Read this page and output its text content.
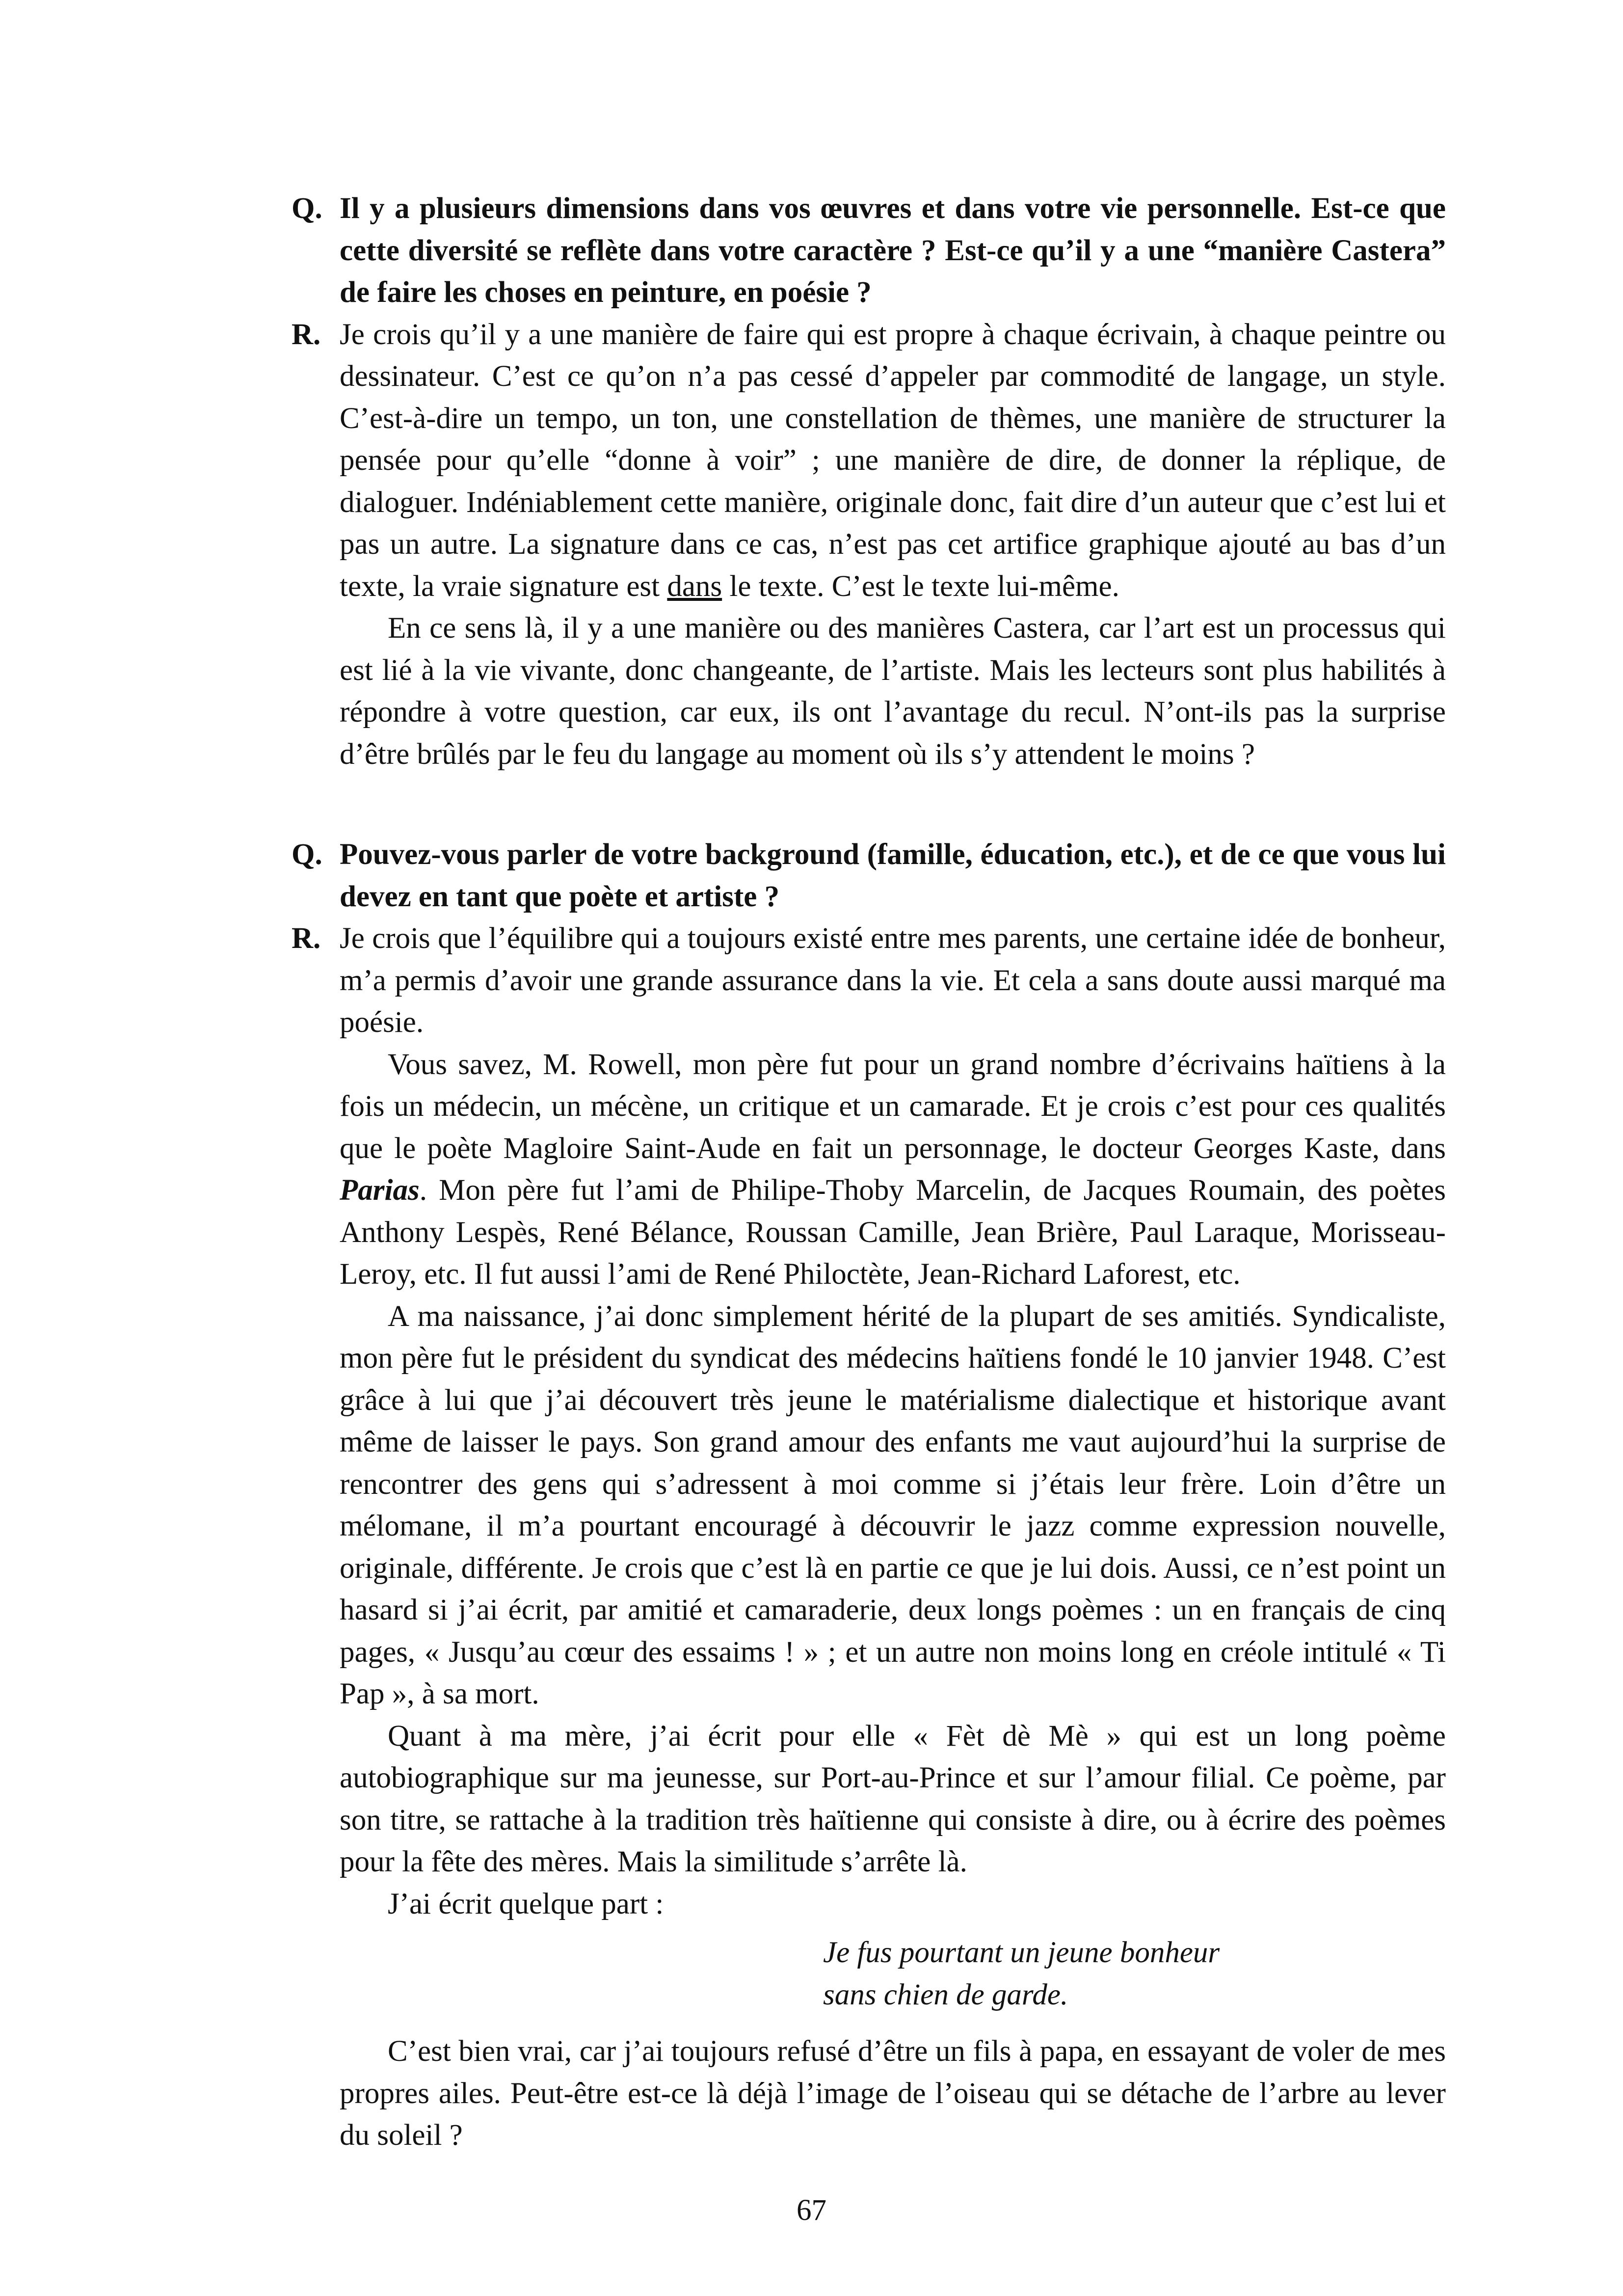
Q. Il y a plusieurs dimensions dans vos œuvres et dans votre vie personnelle. Est-ce que cette diversité se reflète dans votre caractère ? Est-ce qu’il y a une “manière Castera” de faire les choses en peinture, en poésie ?
R. Je crois qu’il y a une manière de faire qui est propre à chaque écrivain, à chaque peintre ou dessinateur. C’est ce qu’on n’a pas cessé d’appeler par commodité de langage, un style. C’est-à-dire un tempo, un ton, une constellation de thèmes, une manière de structurer la pensée pour qu’elle “donne à voir” ; une manière de dire, de donner la réplique, de dialoguer. Indéniablement cette manière, originale donc, fait dire d’un auteur que c’est lui et pas un autre. La signature dans ce cas, n’est pas cet artifice graphique ajouté au bas d’un texte, la vraie signature est dans le texte. C’est le texte lui-même.

En ce sens là, il y a une manière ou des manières Castera, car l’art est un processus qui est lié à la vie vivante, donc changeante, de l’artiste. Mais les lecteurs sont plus habilités à répondre à votre question, car eux, ils ont l’avantage du recul. N’ont-ils pas la surprise d’être brûlés par le feu du langage au moment où ils s’y attendent le moins ?

Q. Pouvez-vous parler de votre background (famille, éducation, etc.), et de ce que vous lui devez en tant que poète et artiste ?
R. Je crois que l’équilibre qui a toujours existé entre mes parents, une certaine idée de bonheur, m’a permis d’avoir une grande assurance dans la vie. Et cela a sans doute aussi marqué ma poésie.

Vous savez, M. Rowell, mon père fut pour un grand nombre d’écrivains haïtiens à la fois un médecin, un mécène, un critique et un camarade. Et je crois c’est pour ces qualités que le poète Magloire Saint-Aude en fait un personnage, le docteur Georges Kaste, dans Parias. Mon père fut l’ami de Philipe-Thoby Marcelin, de Jacques Roumain, des poètes Anthony Lespès, René Bélance, Roussan Camille, Jean Brière, Paul Laraque, Morisseau-Leroy, etc. Il fut aussi l’ami de René Philoctète, Jean-Richard Laforest, etc.

A ma naissance, j’ai donc simplement hérité de la plupart de ses amitiés. Syndicaliste, mon père fut le président du syndicat des médecins haïtiens fondé le 10 janvier 1948. C’est grâce à lui que j’ai découvert très jeune le matérialisme dialectique et historique avant même de laisser le pays. Son grand amour des enfants me vaut aujourd’hui la surprise de rencontrer des gens qui s’adressent à moi comme si j’étais leur frère. Loin d’être un mélomane, il m’a pourtant encouragé à découvrir le jazz comme expression nouvelle, originale, différente. Je crois que c’est là en partie ce que je lui dois. Aussi, ce n’est point un hasard si j’ai écrit, par amitié et camaraderie, deux longs poèmes : un en français de cinq pages, « Jusqu’au cœur des essaims ! » ; et un autre non moins long en créole intitulé « Ti Pap », à sa mort.

Quant à ma mère, j’ai écrit pour elle « Fèt dè Mè » qui est un long poème autobiographique sur ma jeunesse, sur Port-au-Prince et sur l’amour filial. Ce poème, par son titre, se rattache à la tradition très haïtienne qui consiste à dire, ou à écrire des poèmes pour la fête des mères. Mais la similitude s’arrête là.

J’ai écrit quelque part :

Je fus pourtant un jeune bonheur
sans chien de garde.

C’est bien vrai, car j’ai toujours refusé d’être un fils à papa, en essayant de voler de mes propres ailes. Peut-être est-ce là déjà l’image de l’oiseau qui se détache de l’arbre au lever du soleil ?

67
